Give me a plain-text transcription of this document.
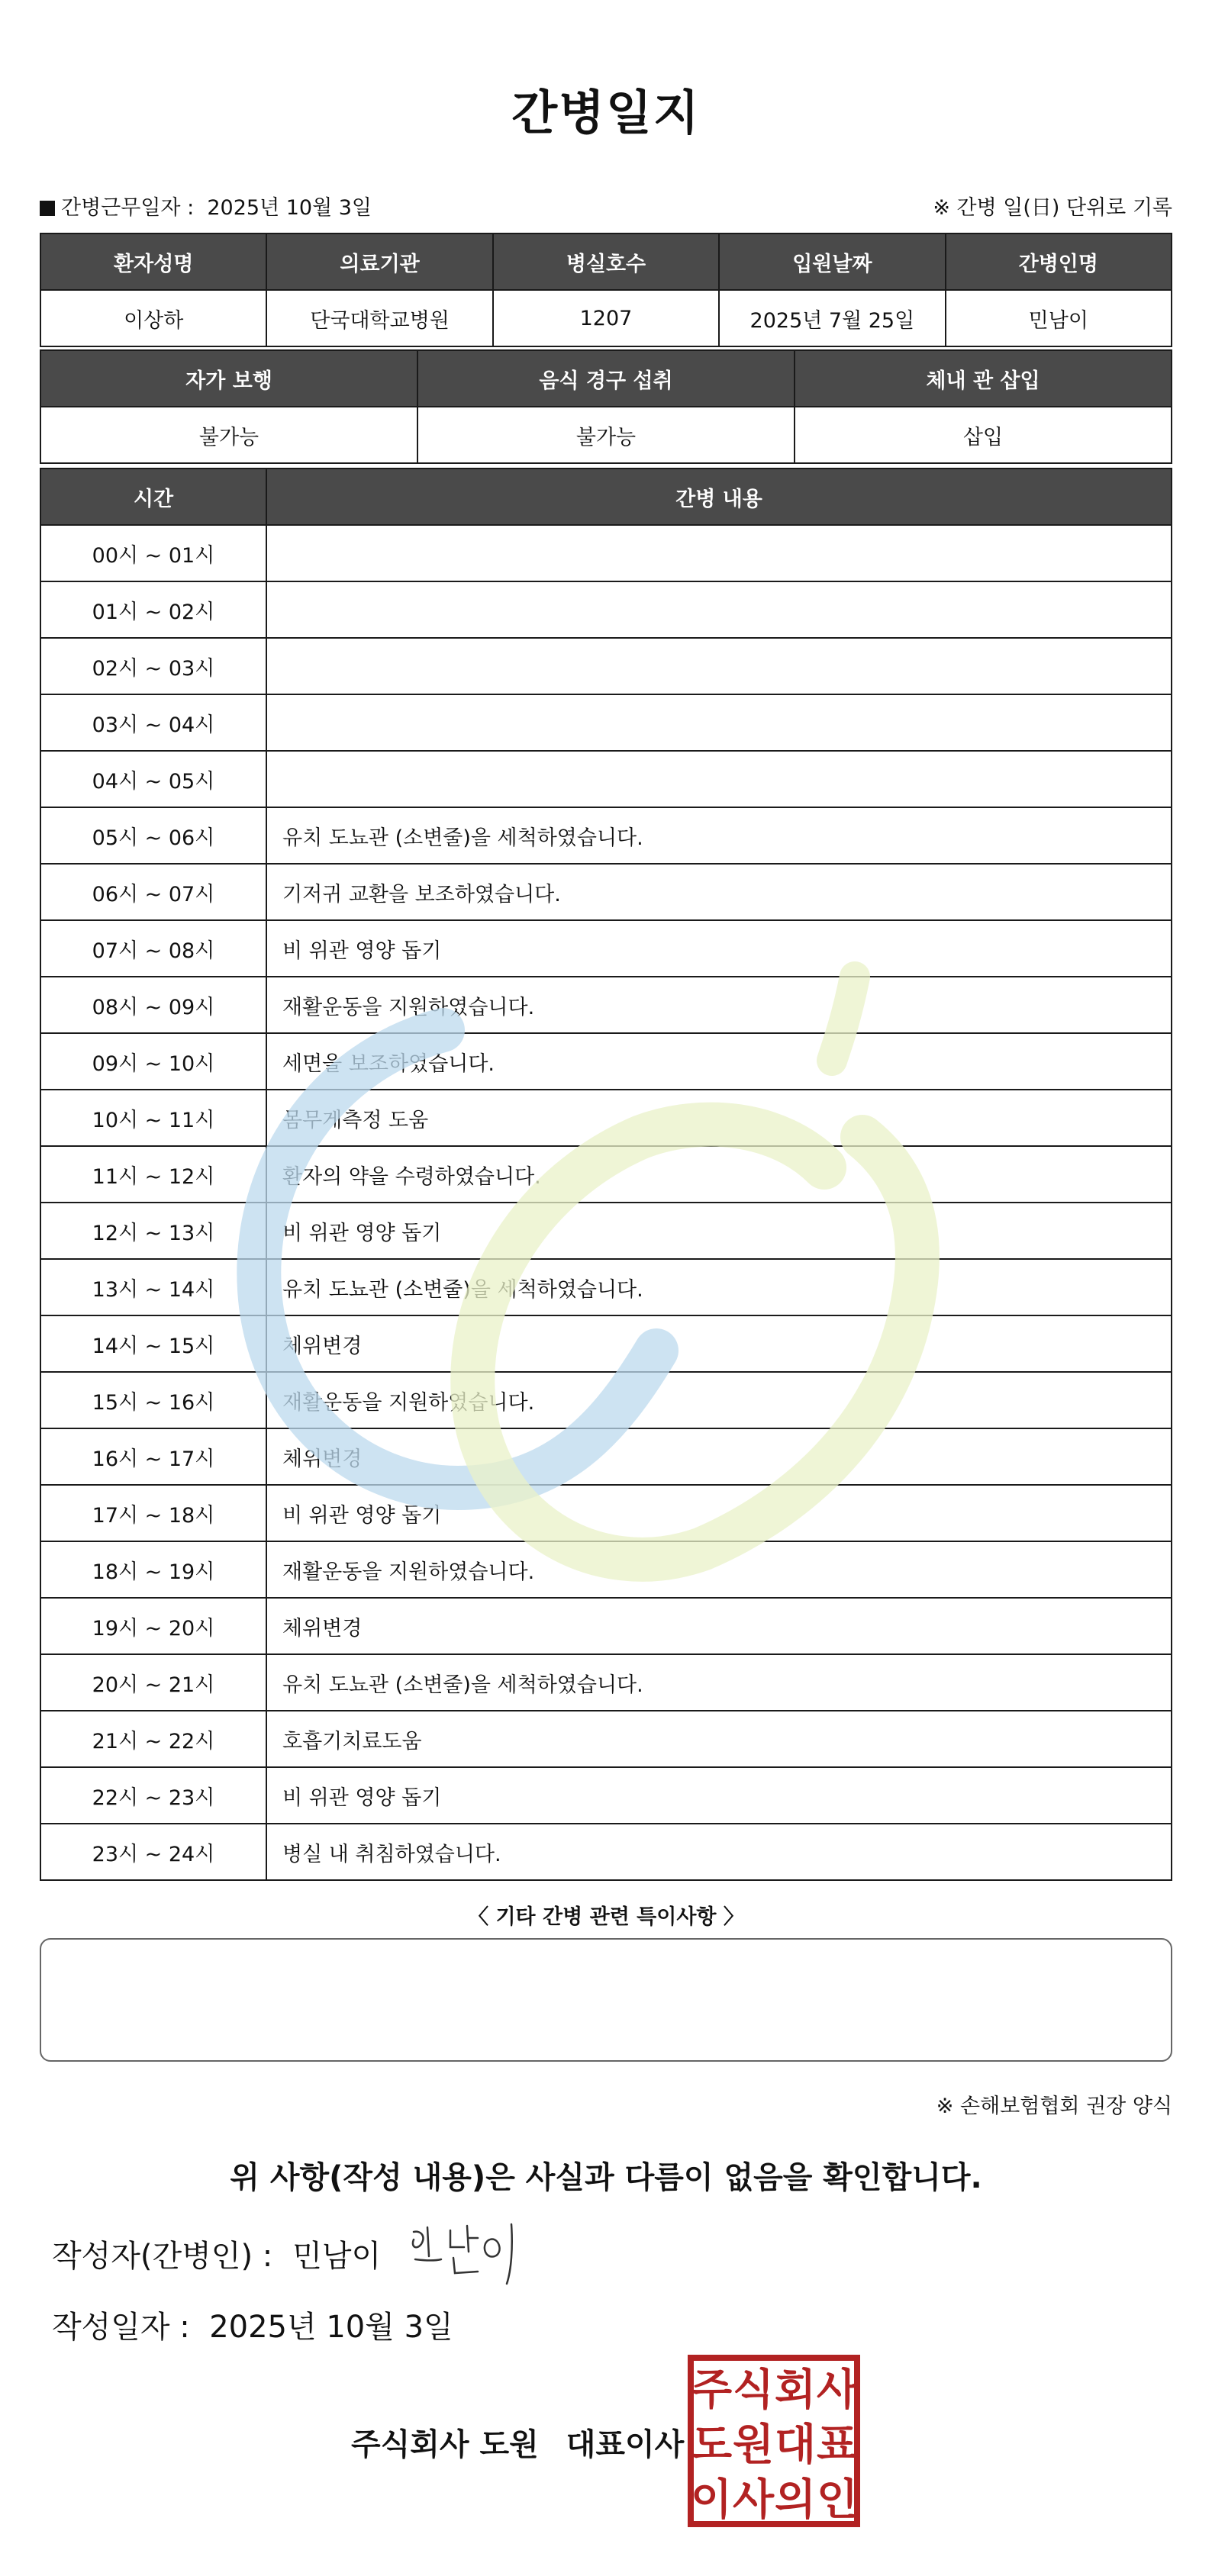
간병일지
간병근무일자 :  2025년 10월 3일	※ 간병 일(日) 단위로 기록
환자성명	의료기관	병실호수	입원날짜	간병인명
이상하	단국대학교병원	1207	2025년 7월 25일	민남이
자가 보행	음식 경구 섭취	체내 관 삽입
불가능	불가능	삽입
시간	간병 내용
00시 ~ 01시	
01시 ~ 02시	
02시 ~ 03시	
03시 ~ 04시	
04시 ~ 05시	
05시 ~ 06시	유치 도뇨관 (소변줄)을 세척하였습니다.
06시 ~ 07시	기저귀 교환을 보조하였습니다.
07시 ~ 08시	비 위관 영양 돕기
08시 ~ 09시	재활운동을 지원하였습니다.
09시 ~ 10시	세면을 보조하였습니다.
10시 ~ 11시	몸무게측정 도움
11시 ~ 12시	환자의 약을 수령하였습니다.
12시 ~ 13시	비 위관 영양 돕기
13시 ~ 14시	유치 도뇨관 (소변줄)을 세척하였습니다.
14시 ~ 15시	체위변경
15시 ~ 16시	재활운동을 지원하였습니다.
16시 ~ 17시	체위변경
17시 ~ 18시	비 위관 영양 돕기
18시 ~ 19시	재활운동을 지원하였습니다.
19시 ~ 20시	체위변경
20시 ~ 21시	유치 도뇨관 (소변줄)을 세척하였습니다.
21시 ~ 22시	호흡기치료도움
22시 ~ 23시	비 위관 영양 돕기
23시 ~ 24시	병실 내 취침하였습니다.
〈 기타 간병 관련 특이사항 〉
※ 손해보험협회 권장 양식
위 사항(작성 내용)은 사실과 다름이 없음을 확인합니다.
작성자(간병인) : 민남이
작성일자 : 2025년 10월 3일
주식회사 도원 대표이사
주 식 회 사
도 원 대 표
이 사 의 인
